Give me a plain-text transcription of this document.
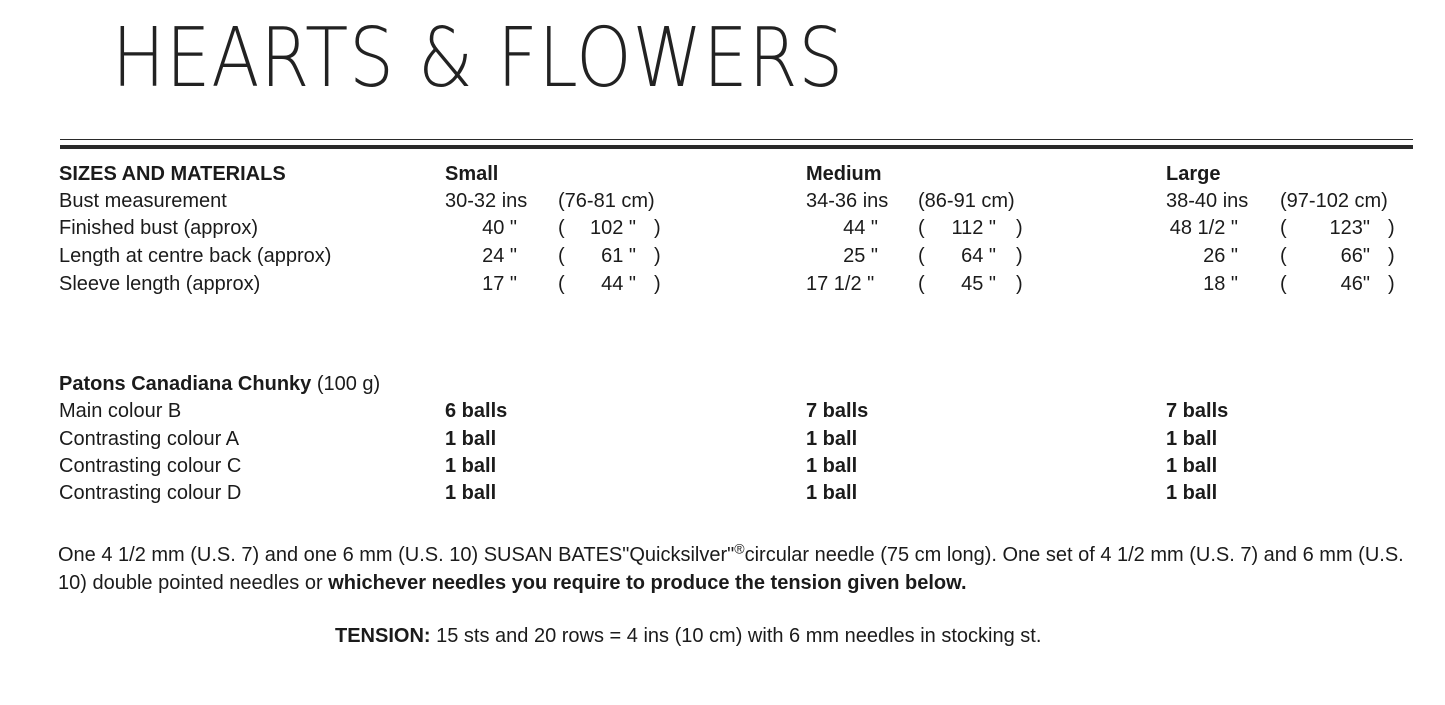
HEARTS & FLOWERS
SIZES AND MATERIALS	Small	Medium	Large
Bust measurement	30-32 ins (76-81 cm)	34-36 ins (86-91 cm)	38-40 ins (97-102 cm)
Finished bust (approx)	40 " (	102 " )	44 " (	112 " )	48 1/2 " (	123" )
Length at centre back (approx)	24 " (	61 " )	25 " (	64 " )	26 " (	66" )
Sleeve length (approx)	17 " (	44 " )	17 1/2 " (	45 " )	18 " (	46" )
Patons Canadiana Chunky (100 g)
Main colour B	6 balls	7 balls	7 balls
Contrasting colour A	1 ball	1 ball	1 ball
Contrasting colour C	1 ball	1 ball	1 ball
Contrasting colour D	1 ball	1 ball	1 ball
One 4 1/2 mm (U.S. 7) and one 6 mm (U.S. 10) SUSAN BATES"Quicksilver"®circular needle (75 cm long). One set of 4 1/2 mm (U.S. 7) and 6 mm (U.S. 10) double pointed needles or whichever needles you require to produce the tension given below.
TENSION: 15 sts and 20 rows = 4 ins (10 cm) with 6 mm needles in stocking st.
